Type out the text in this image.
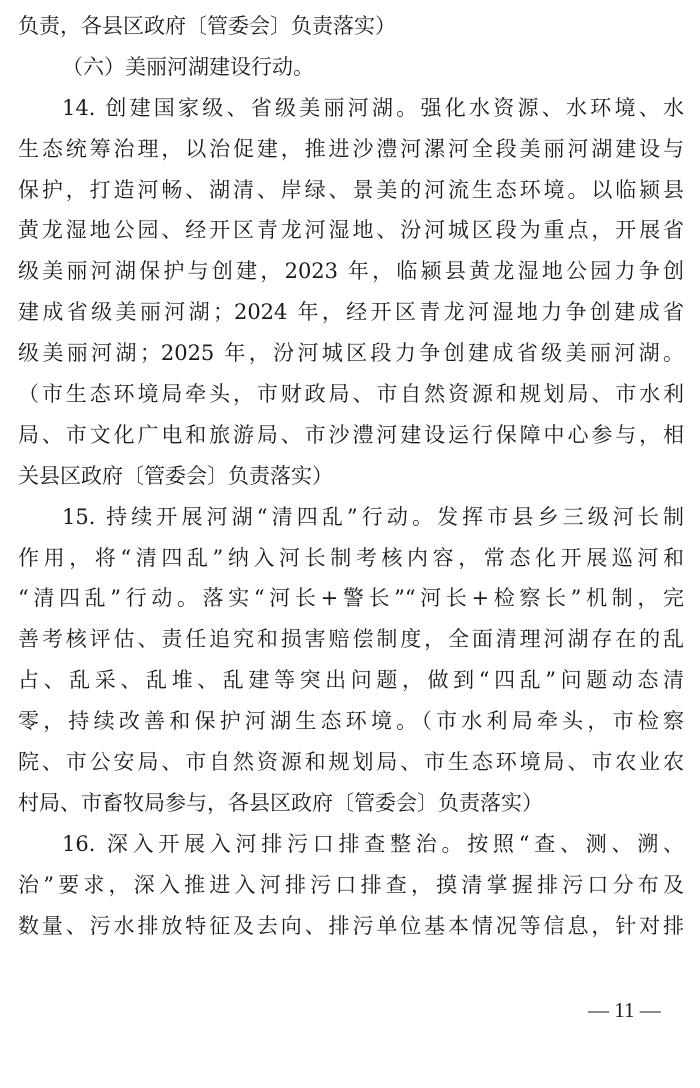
负责，各县区政府〔管委会〕负责落实）
（六）美丽河湖建设行动。
14. 创建国家级、省级美丽河湖。强化水资源、水环境、水
生态统筹治理，以治促建，推进沙澧河漯河全段美丽河湖建设与
保护，打造河畅、湖清、岸绿、景美的河流生态环境。以临颍县
黄龙湿地公园、经开区青龙河湿地、汾河城区段为重点，开展省
级美丽河湖保护与创建，2023 年，临颍县黄龙湿地公园力争创
建成省级美丽河湖；2024 年，经开区青龙河湿地力争创建成省
级美丽河湖；2025 年，汾河城区段力争创建成省级美丽河湖。
（市生态环境局牵头，市财政局、市自然资源和规划局、市水利
局、市文化广电和旅游局、市沙澧河建设运行保障中心参与，相
关县区政府〔管委会〕负责落实）
15. 持续开展河湖“清四乱”行动。发挥市县乡三级河长制
作用，将“清四乱”纳入河长制考核内容，常态化开展巡河和
“清四乱”行动。落实“河长+警长”“河长+检察长”机制，完
善考核评估、责任追究和损害赔偿制度，全面清理河湖存在的乱
占、乱采、乱堆、乱建等突出问题，做到“四乱”问题动态清
零，持续改善和保护河湖生态环境。（市水利局牵头，市检察
院、市公安局、市自然资源和规划局、市生态环境局、市农业农
村局、市畜牧局参与，各县区政府〔管委会〕负责落实）
16. 深入开展入河排污口排查整治。按照“查、测、溯、
治”要求，深入推进入河排污口排查，摸清掌握排污口分布及
数量、污水排放特征及去向、排污单位基本情况等信息，针对排
— 11 —
